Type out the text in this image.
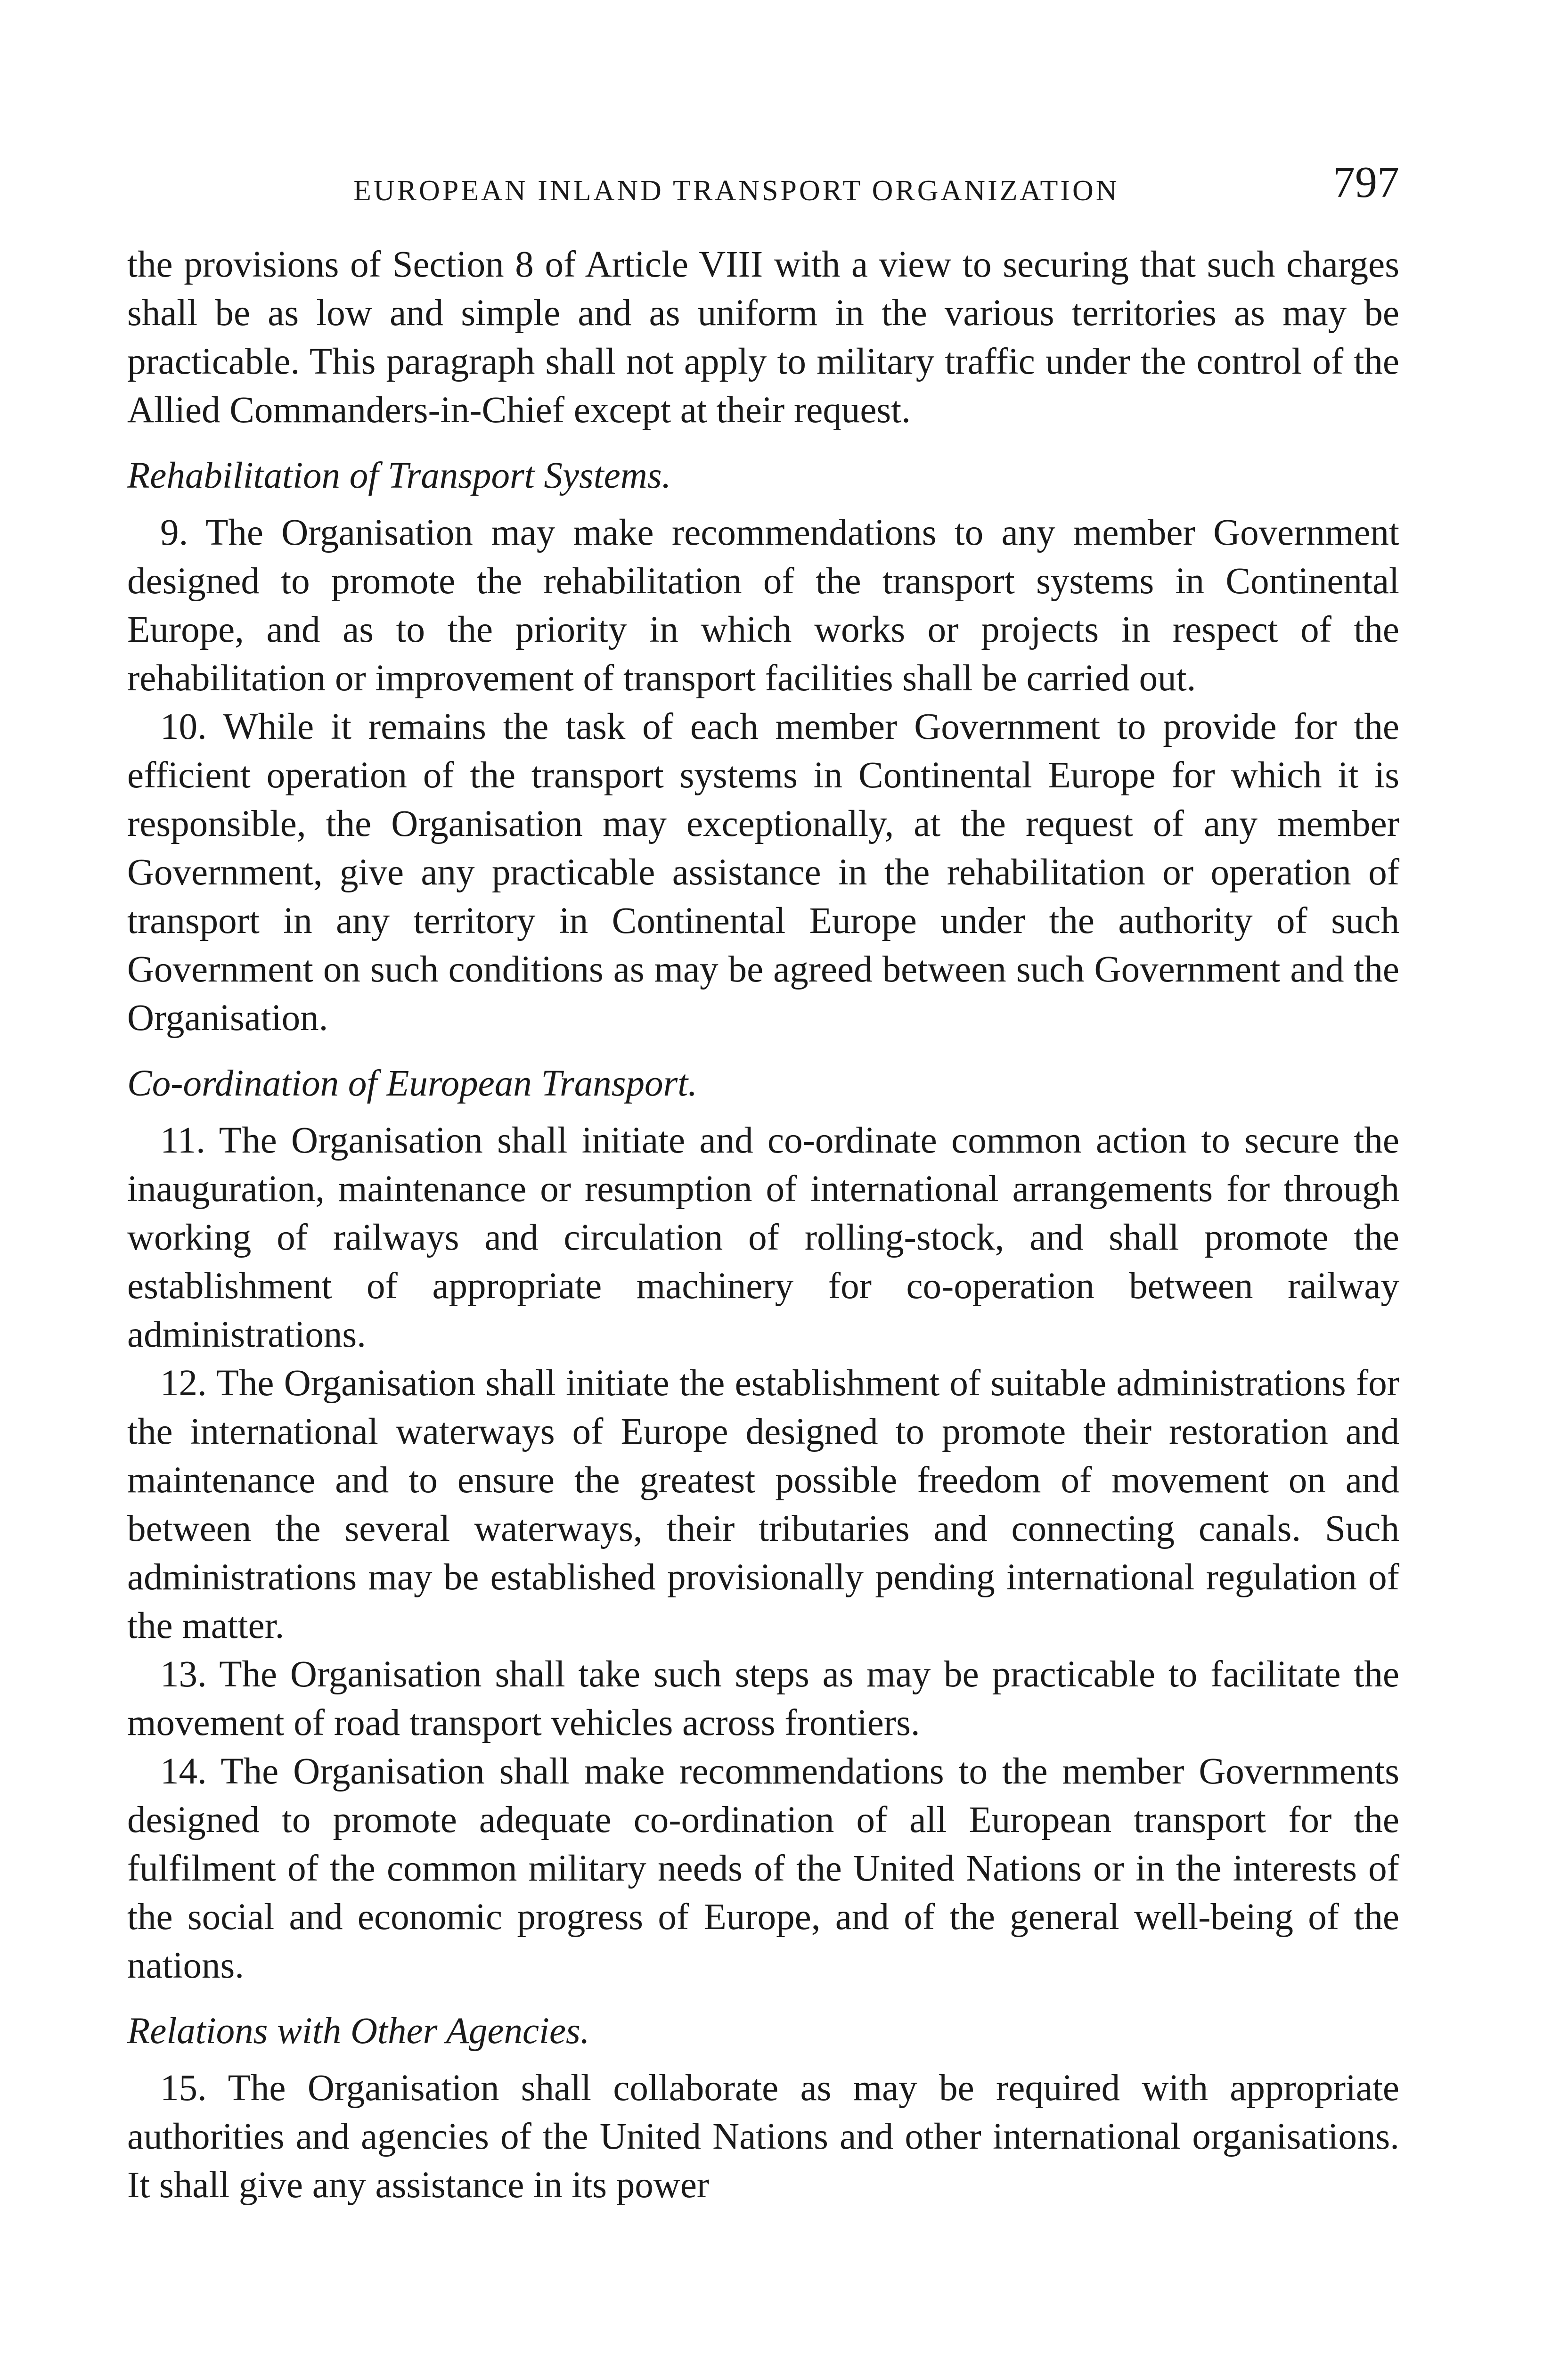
EUROPEAN INLAND TRANSPORT ORGANIZATION	797

the provisions of Section 8 of Article VIII with a view to securing that such charges shall be as low and simple and as uniform in the various territories as may be practicable. This paragraph shall not apply to military traffic under the control of the Allied Commanders-in-Chief except at their request.

Rehabilitation of Transport Systems.

9. The Organisation may make recommendations to any member Government designed to promote the rehabilitation of the transport systems in Continental Europe, and as to the priority in which works or projects in respect of the rehabilitation or improvement of transport facilities shall be carried out.

10. While it remains the task of each member Government to provide for the efficient operation of the transport systems in Continental Europe for which it is responsible, the Organisation may exceptionally, at the request of any member Government, give any practicable assistance in the rehabilitation or operation of transport in any territory in Continental Europe under the authority of such Government on such conditions as may be agreed between such Government and the Organisation.

Co-ordination of European Transport.

11. The Organisation shall initiate and co-ordinate common action to secure the inauguration, maintenance or resumption of international arrangements for through working of railways and circulation of rolling-stock, and shall promote the establishment of appropriate machinery for co-operation between railway administrations.

12. The Organisation shall initiate the establishment of suitable administrations for the international waterways of Europe designed to promote their restoration and maintenance and to ensure the greatest possible freedom of movement on and between the several waterways, their tributaries and connecting canals. Such administrations may be established provisionally pending international regulation of the matter.

13. The Organisation shall take such steps as may be practicable to facilitate the movement of road transport vehicles across frontiers.

14. The Organisation shall make recommendations to the member Governments designed to promote adequate co-ordination of all European transport for the fulfilment of the common military needs of the United Nations or in the interests of the social and economic progress of Europe, and of the general well-being of the nations.

Relations with Other Agencies.

15. The Organisation shall collaborate as may be required with appropriate authorities and agencies of the United Nations and other international organisations. It shall give any assistance in its power
